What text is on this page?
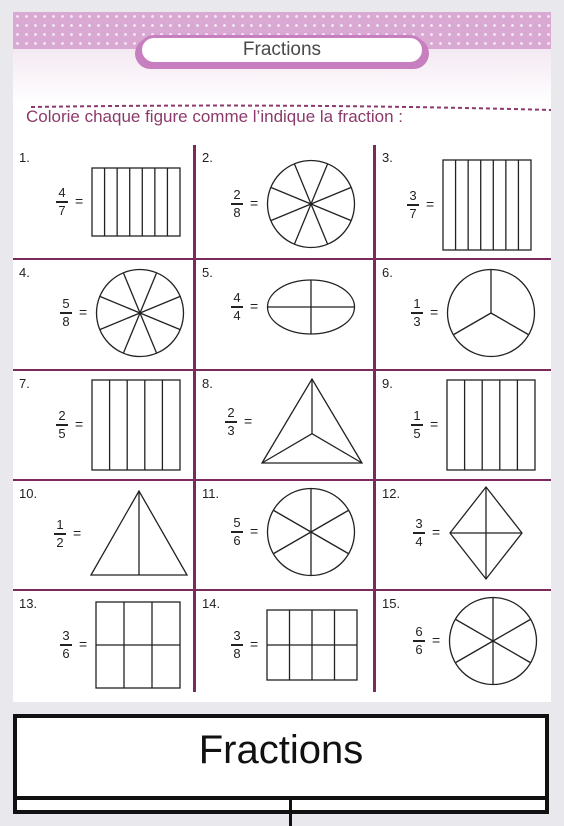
Fractions
Colorie chaque figure comme l’indique la fraction :
1.
4
7
=
2.
2
8
=
3.
3
7
=
4.
5
8
=
5.
4
4
=
6.
1
3
=
7.
2
5
=
8.
2
3
=
9.
1
5
=
10.
1
2
=
11.
5
6
=
12.
3
4
=
13.
3
6
=
14.
3
8
=
15.
6
6
=
Fractions
